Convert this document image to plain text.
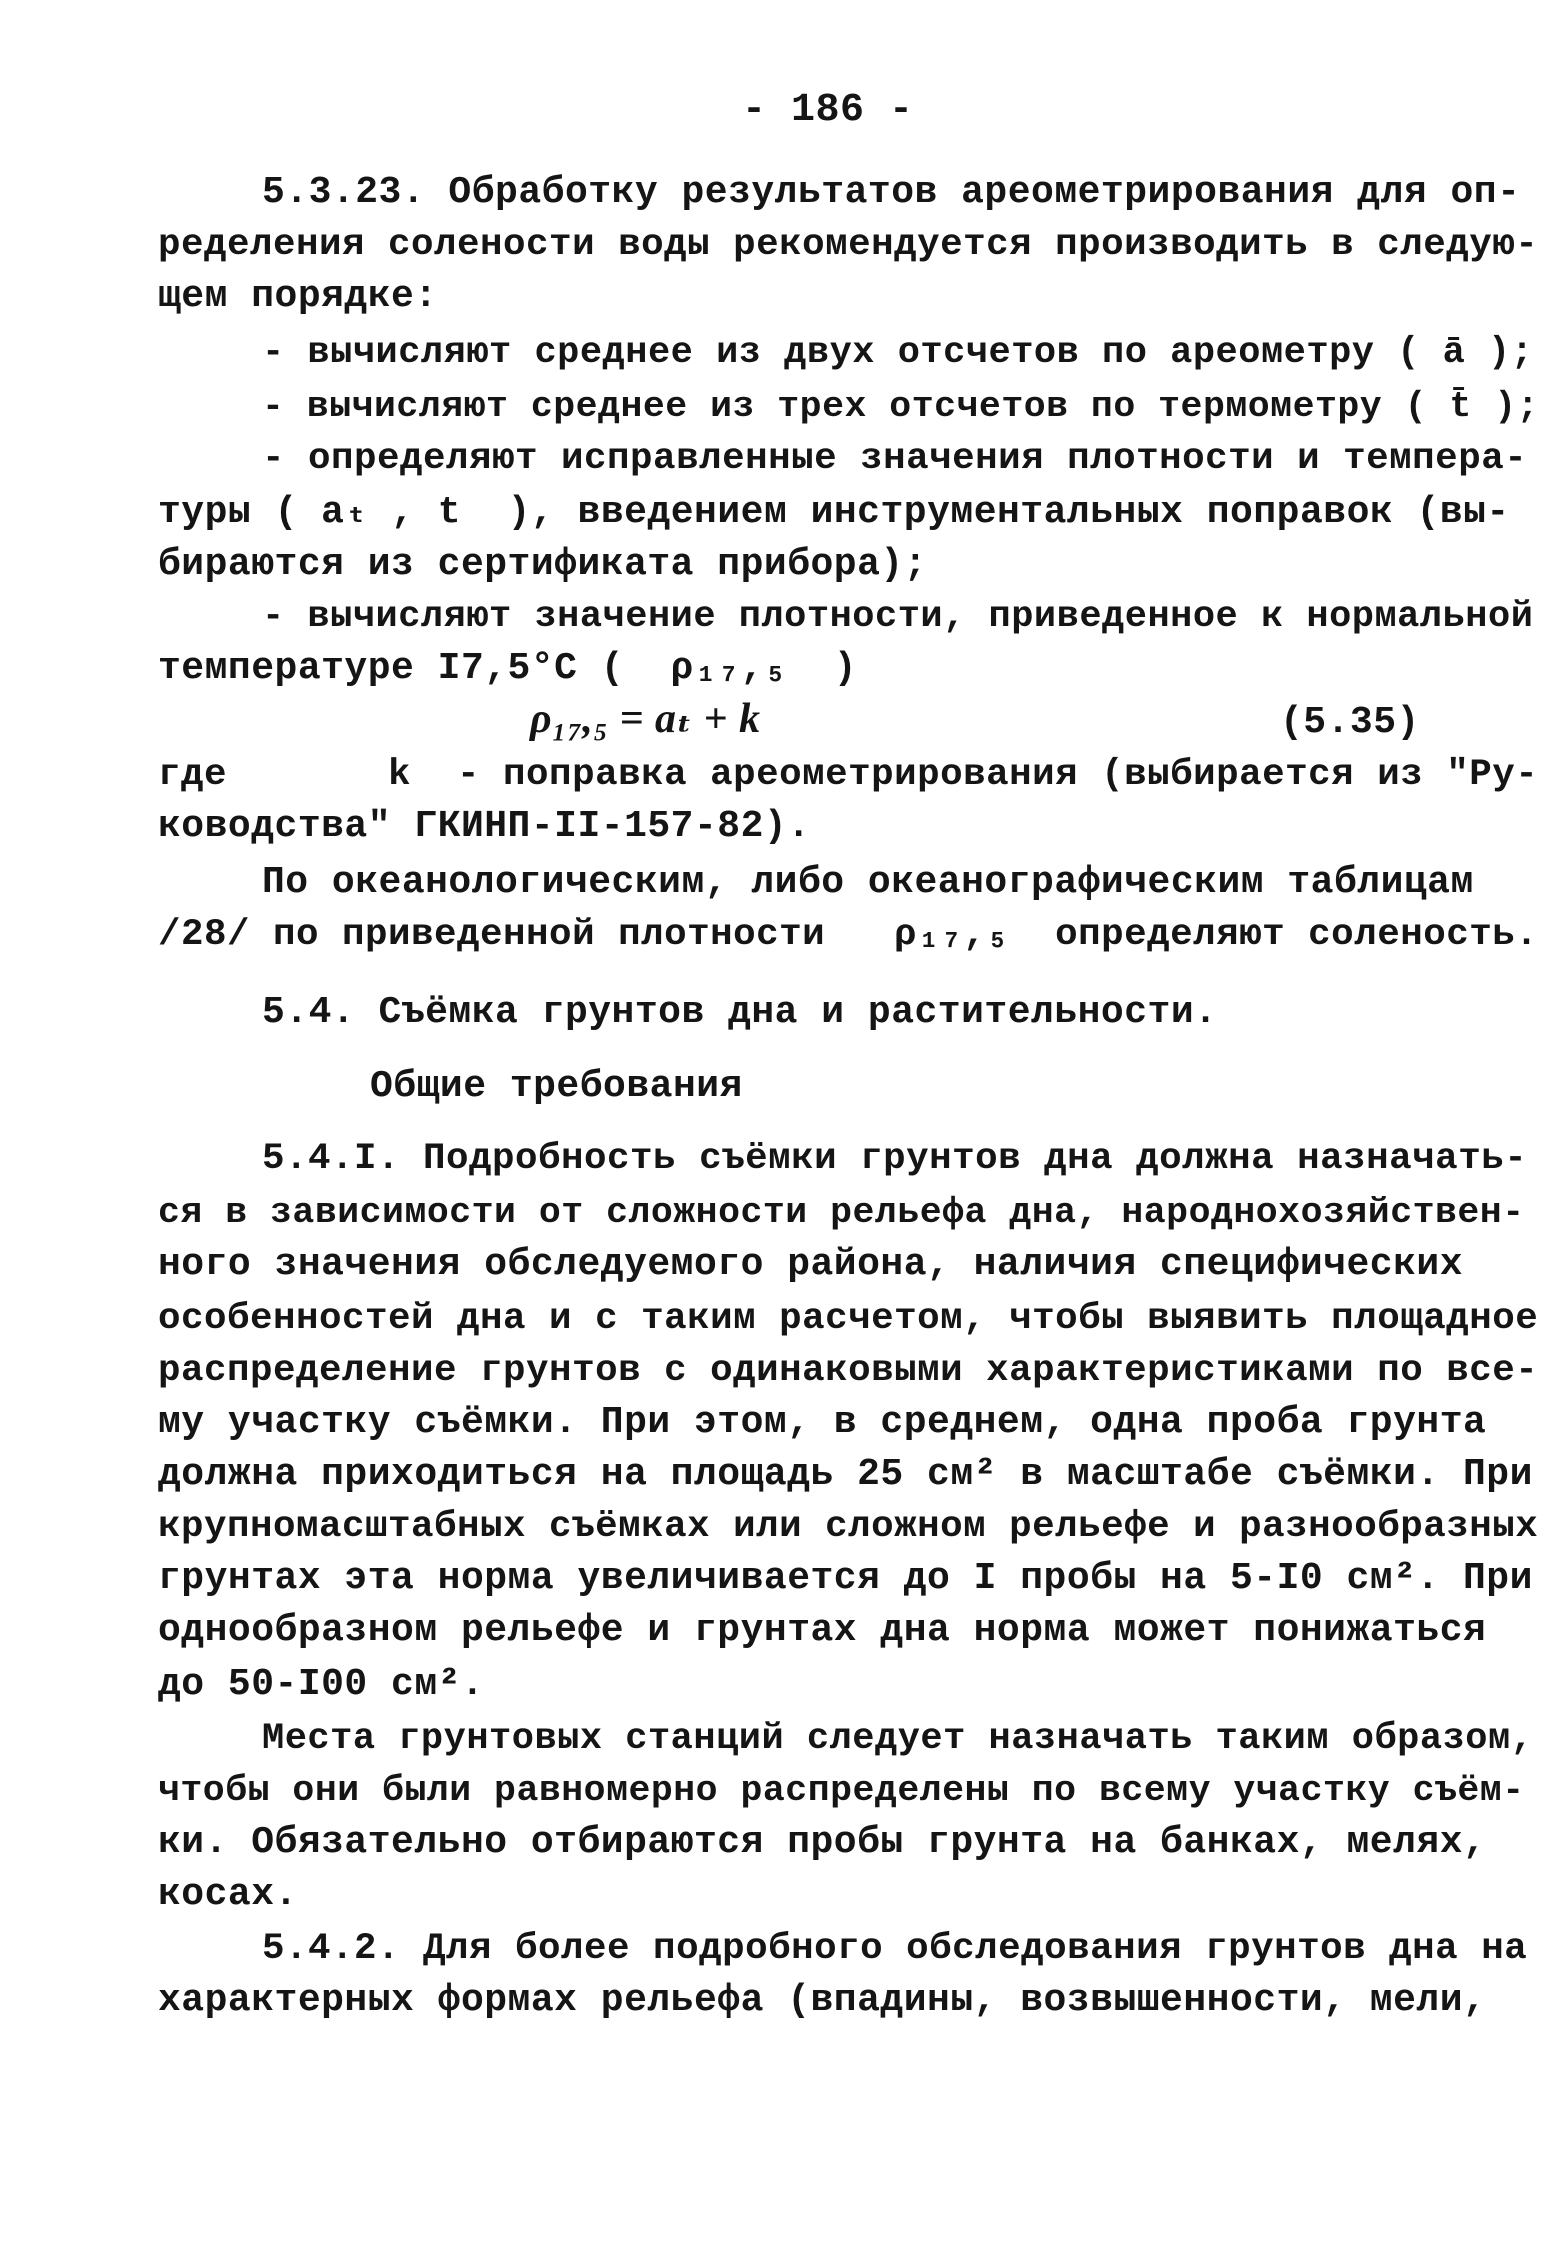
- 186 -
5.3.23. Обработку результатов ареометрирования для оп-
ределения солености воды рекомендуется производить в следую-
щем порядке:
- вычисляют среднее из двух отсчетов по ареометру ( ā );
- вычисляют среднее из трех отсчетов по термометру ( t̄ );
- определяют исправленные значения плотности и темпера-
туры ( aₜ , t  ), введением инструментальных поправок (вы-
бираются из сертификата прибора);
- вычисляют значение плотности, приведенное к нормальной
температуре I7,5°С (  ρ₁₇,₅  )
ρ₁₇,₅ = aₜ + k	(5.35)
где       k  - поправка ареометрирования (выбирается из "Ру-
ководства" ГКИНП-II-157-82).
По океанологическим, либо океанографическим таблицам
/28/ по приведенной плотности   ρ₁₇,₅  определяют соленость.
5.4. Съёмка грунтов дна и растительности.
Общие требования
5.4.I. Подробность съёмки грунтов дна должна назначать-
ся в зависимости от сложности рельефа дна, народнохозяйствен-
ного значения обследуемого района, наличия специфических
особенностей дна и с таким расчетом, чтобы выявить площадное
распределение грунтов с одинаковыми характеристиками по все-
му участку съёмки. При этом, в среднем, одна проба грунта
должна приходиться на площадь 25 см² в масштабе съёмки. При
крупномасштабных съёмках или сложном рельефе и разнообразных
грунтах эта норма увеличивается до I пробы на 5-I0 см². При
однообразном рельефе и грунтах дна норма может понижаться
до 50-I00 см².
Места грунтовых станций следует назначать таким образом,
чтобы они были равномерно распределены по всему участку съём-
ки. Обязательно отбираются пробы грунта на банках, мелях,
косах.
5.4.2. Для более подробного обследования грунтов дна на
характерных формах рельефа (впадины, возвышенности, мели,
